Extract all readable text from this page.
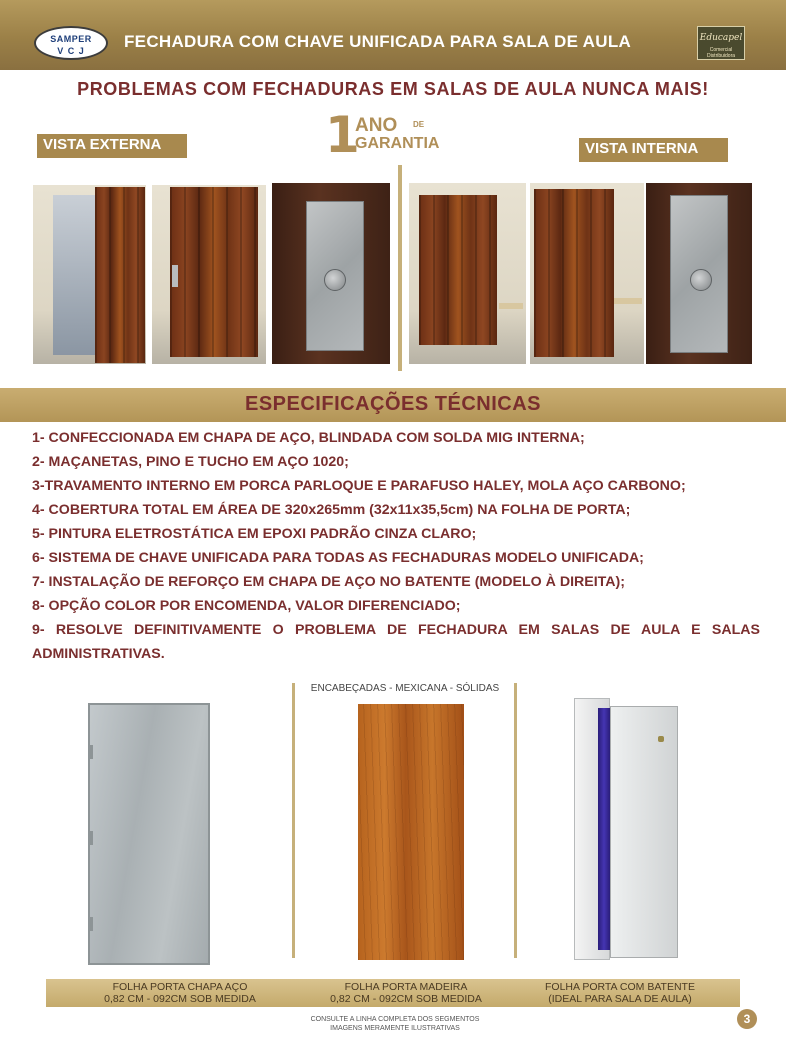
SAMPER
V C J	FECHADURA COM CHAVE UNIFICADA PARA SALA DE AULA	Educapel
Comercial Distribuidora
PROBLEMAS COM FECHADURAS EM SALAS DE AULA NUNCA MAIS!
VISTA EXTERNA	VISTA INTERNA
1
ANO DE
GARANTIA
ESPECIFICAÇÕES TÉCNICAS
1- CONFECCIONADA EM CHAPA DE AÇO, BLINDADA COM SOLDA MIG INTERNA;
2- MAÇANETAS, PINO E TUCHO EM AÇO 1020;
3-TRAVAMENTO INTERNO EM PORCA PARLOQUE E PARAFUSO HALEY, MOLA AÇO CARBONO;
4- COBERTURA TOTAL EM ÁREA DE 320x265mm (32x11x35,5cm) NA FOLHA DE PORTA;
5- PINTURA ELETROSTÁTICA EM EPOXI PADRÃO CINZA CLARO;
6- SISTEMA DE CHAVE UNIFICADA PARA TODAS AS FECHADURAS MODELO UNIFICADA;
7- INSTALAÇÃO DE REFORÇO EM CHAPA DE AÇO NO BATENTE (MODELO À DIREITA);
8- OPÇÃO COLOR POR ENCOMENDA, VALOR DIFERENCIADO;
9- RESOLVE DEFINITIVAMENTE O PROBLEMA DE FECHADURA EM SALAS DE AULA E SALAS ADMINISTRATIVAS.
ENCABEÇADAS - MEXICANA - SÓLIDAS
FOLHA PORTA CHAPA AÇO
0,82 CM - 092CM SOB MEDIDA
FOLHA PORTA MADEIRA
0,82 CM - 092CM SOB MEDIDA
FOLHA PORTA COM BATENTE
(IDEAL PARA SALA DE AULA)
CONSULTE A LINHA COMPLETA DOS SEGMENTOS
IMAGENS MERAMENTE ILUSTRATIVAS
3
